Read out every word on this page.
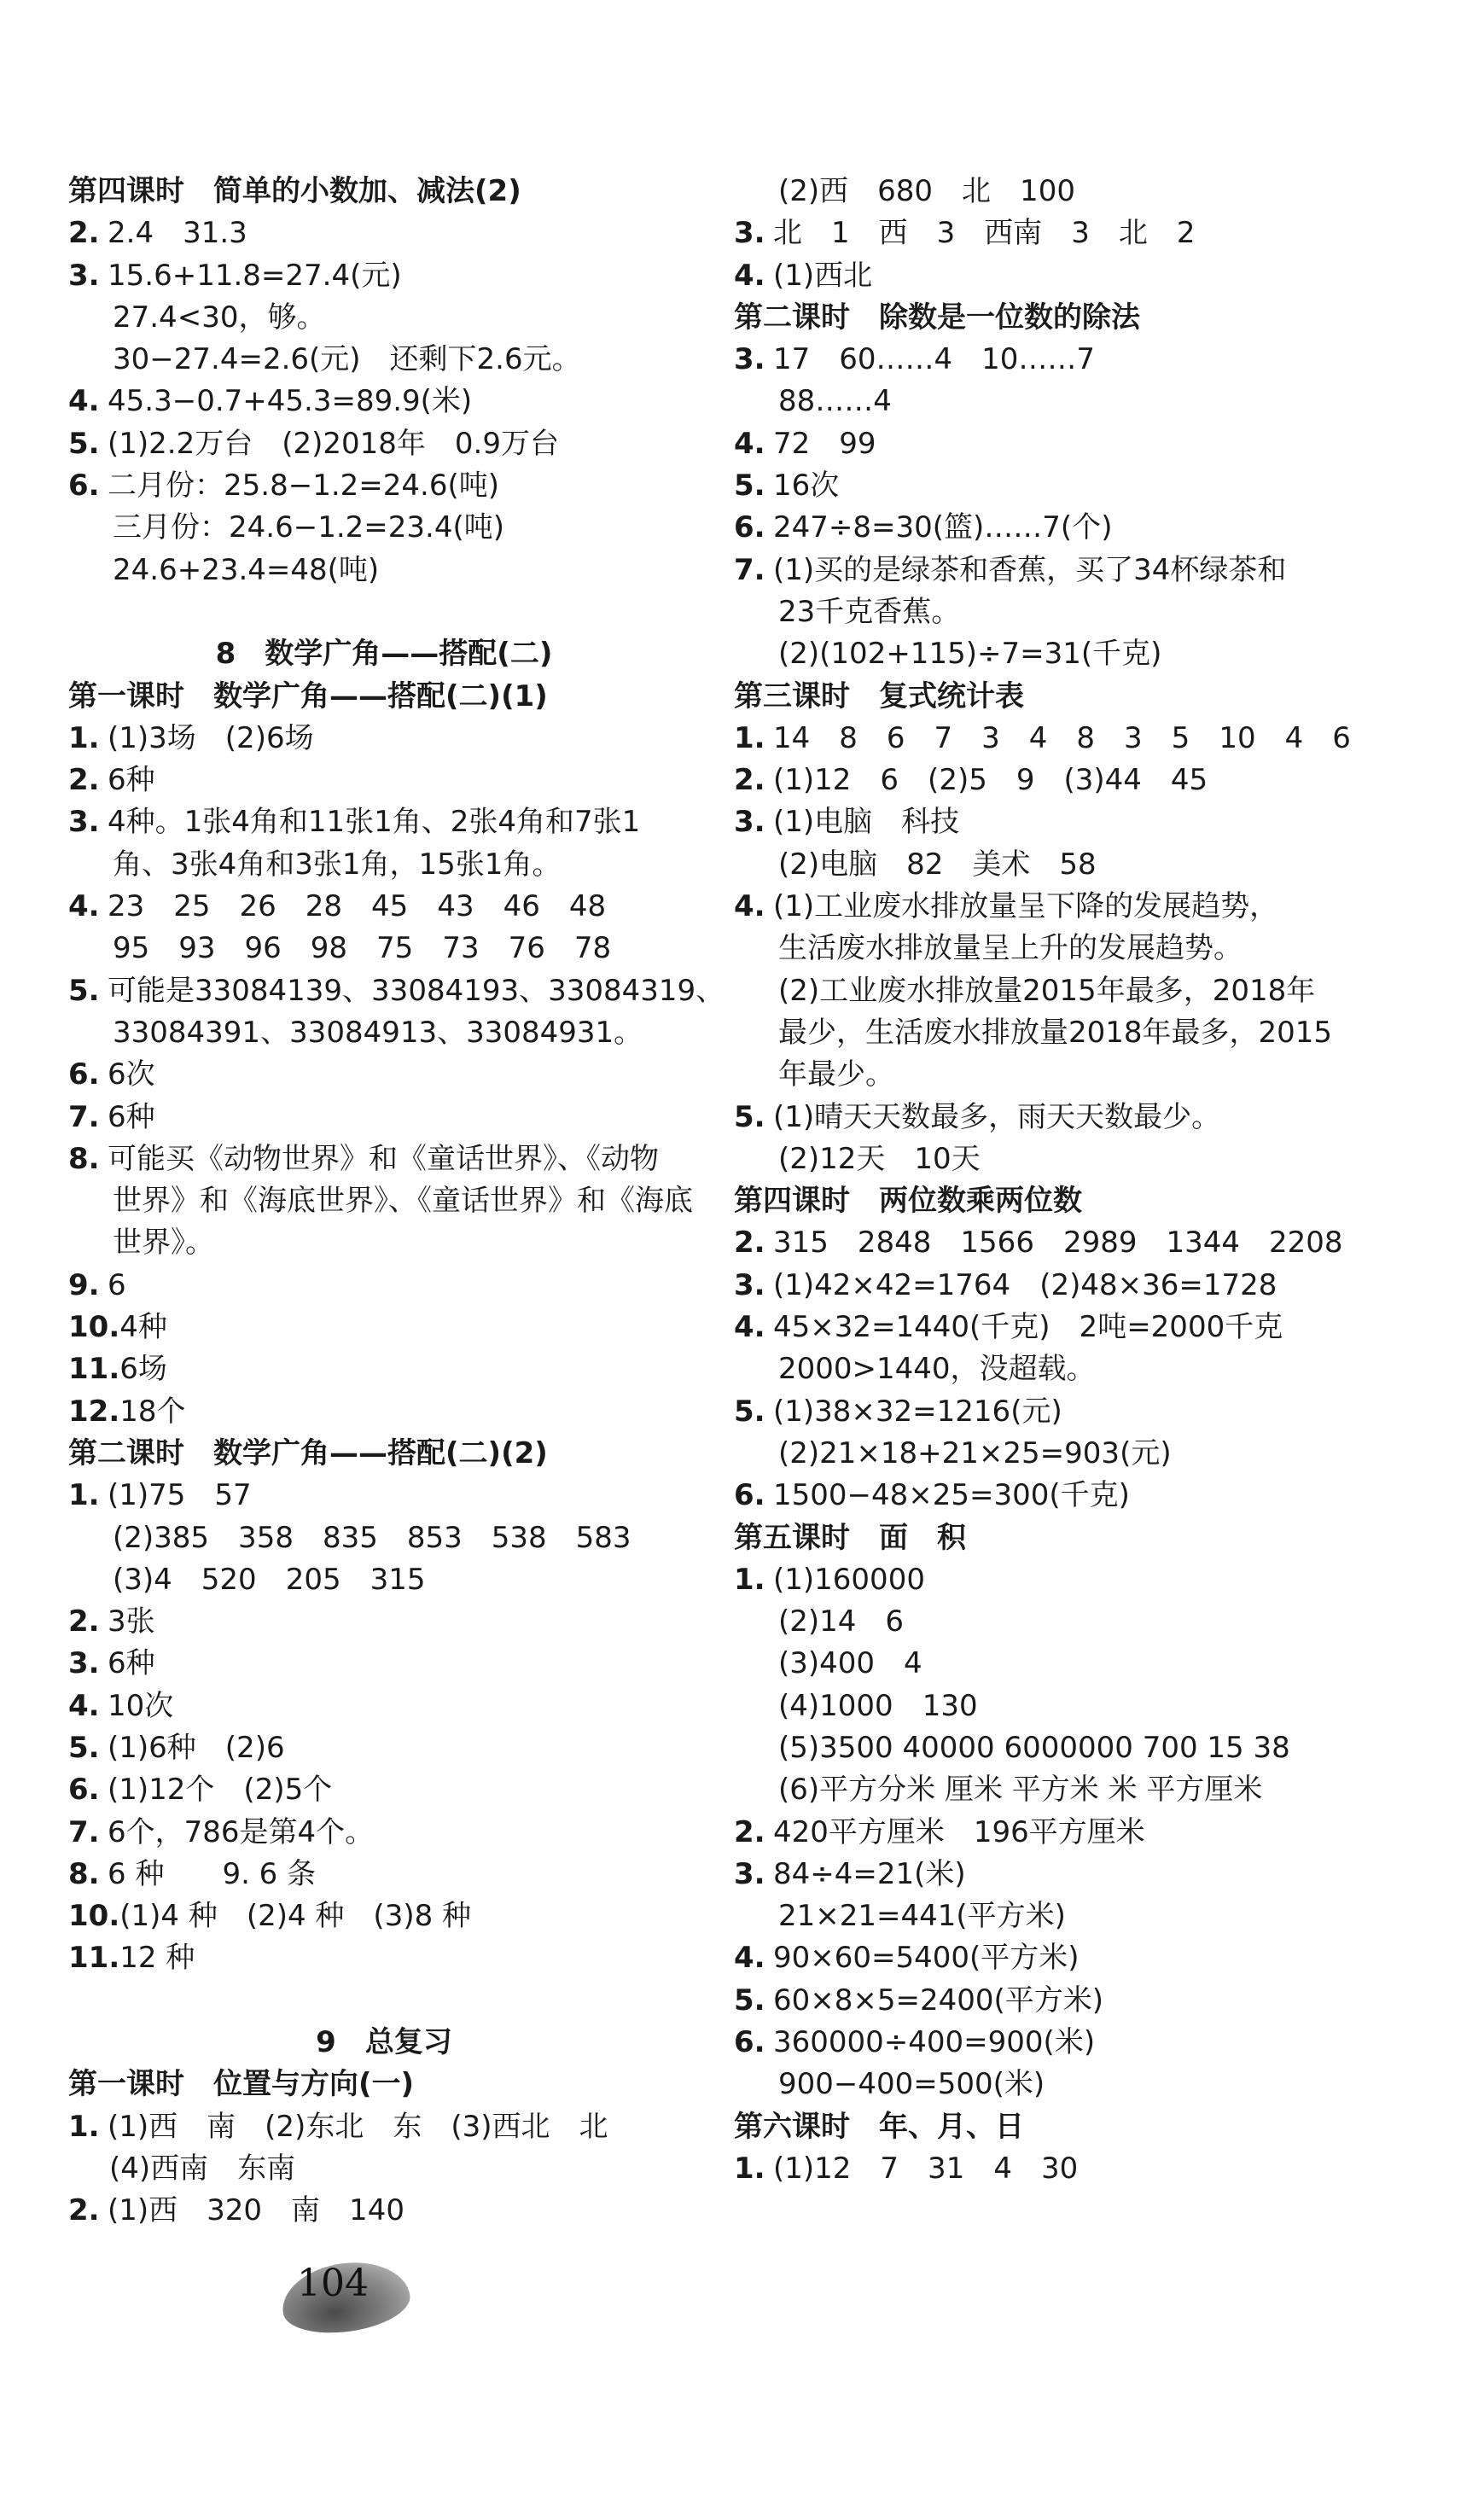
第四课时　简单的小数加、减法(2)
2. 2.4　31.3
3. 15.6+11.8=27.4(元)
27.4<30，够。
30−27.4=2.6(元)　还剩下2.6元。
4. 45.3−0.7+45.3=89.9(米)
5. (1)2.2万台　(2)2018年　0.9万台
6. 二月份：25.8−1.2=24.6(吨)
三月份：24.6−1.2=23.4(吨)
24.6+23.4=48(吨)
8　数学广角——搭配(二)
第一课时　数学广角——搭配(二)(1)
1. (1)3场　(2)6场
2. 6种
3. 4种。1张4角和11张1角、2张4角和7张1
角、3张4角和3张1角，15张1角。
4. 23　25　26　28　45　43　46　48
95　93　96　98　75　73　76　78
5. 可能是33084139、33084193、33084319、
33084391、33084913、33084931。
6. 6次
7. 6种
8. 可能买《动物世界》和《童话世界》、《动物
世界》和《海底世界》、《童话世界》和《海底
世界》。
9. 6
10.4种
11.6场
12.18个
第二课时　数学广角——搭配(二)(2)
1. (1)75　57
(2)385　358　835　853　538　583
(3)4　520　205　315
2. 3张
3. 6种
4. 10次
5. (1)6种　(2)6
6. (1)12个　(2)5个
7. 6个，786是第4个。
8. 6 种　　9. 6 条
10.(1)4 种　(2)4 种　(3)8 种
11.12 种
9　总复习
第一课时　位置与方向(一)
1. (1)西　南　(2)东北　东　(3)西北　北
(4)西南　东南
2. (1)西　320　南　140
(2)西　680　北　100
3. 北　1　西　3　西南　3　北　2
4. (1)西北
第二课时　除数是一位数的除法
3. 17　60……4　10……7
88……4
4. 72　99
5. 16次
6. 247÷8=30(篮)……7(个)
7. (1)买的是绿茶和香蕉，买了34杯绿茶和
23千克香蕉。
(2)(102+115)÷7=31(千克)
第三课时　复式统计表
1. 14　8　6　7　3　4　8　3　5　10　4　6
2. (1)12　6　(2)5　9　(3)44　45
3. (1)电脑　科技
(2)电脑　82　美术　58
4. (1)工业废水排放量呈下降的发展趋势，
生活废水排放量呈上升的发展趋势。
(2)工业废水排放量2015年最多，2018年
最少，生活废水排放量2018年最多，2015
年最少。
5. (1)晴天天数最多，雨天天数最少。
(2)12天　10天
第四课时　两位数乘两位数
2. 315　2848　1566　2989　1344　2208
3. (1)42×42=1764　(2)48×36=1728
4. 45×32=1440(千克)　2吨=2000千克
2000>1440，没超载。
5. (1)38×32=1216(元)
(2)21×18+21×25=903(元)
6. 1500−48×25=300(千克)
第五课时　面　积
1. (1)160000
(2)14　6
(3)400　4
(4)1000　130
(5)3500 40000 6000000 700 15 38
(6)平方分米 厘米 平方米 米 平方厘米
2. 420平方厘米　196平方厘米
3. 84÷4=21(米)
21×21=441(平方米)
4. 90×60=5400(平方米)
5. 60×8×5=2400(平方米)
6. 360000÷400=900(米)
900−400=500(米)
第六课时　年、月、日
1. (1)12　7　31　4　30
104
